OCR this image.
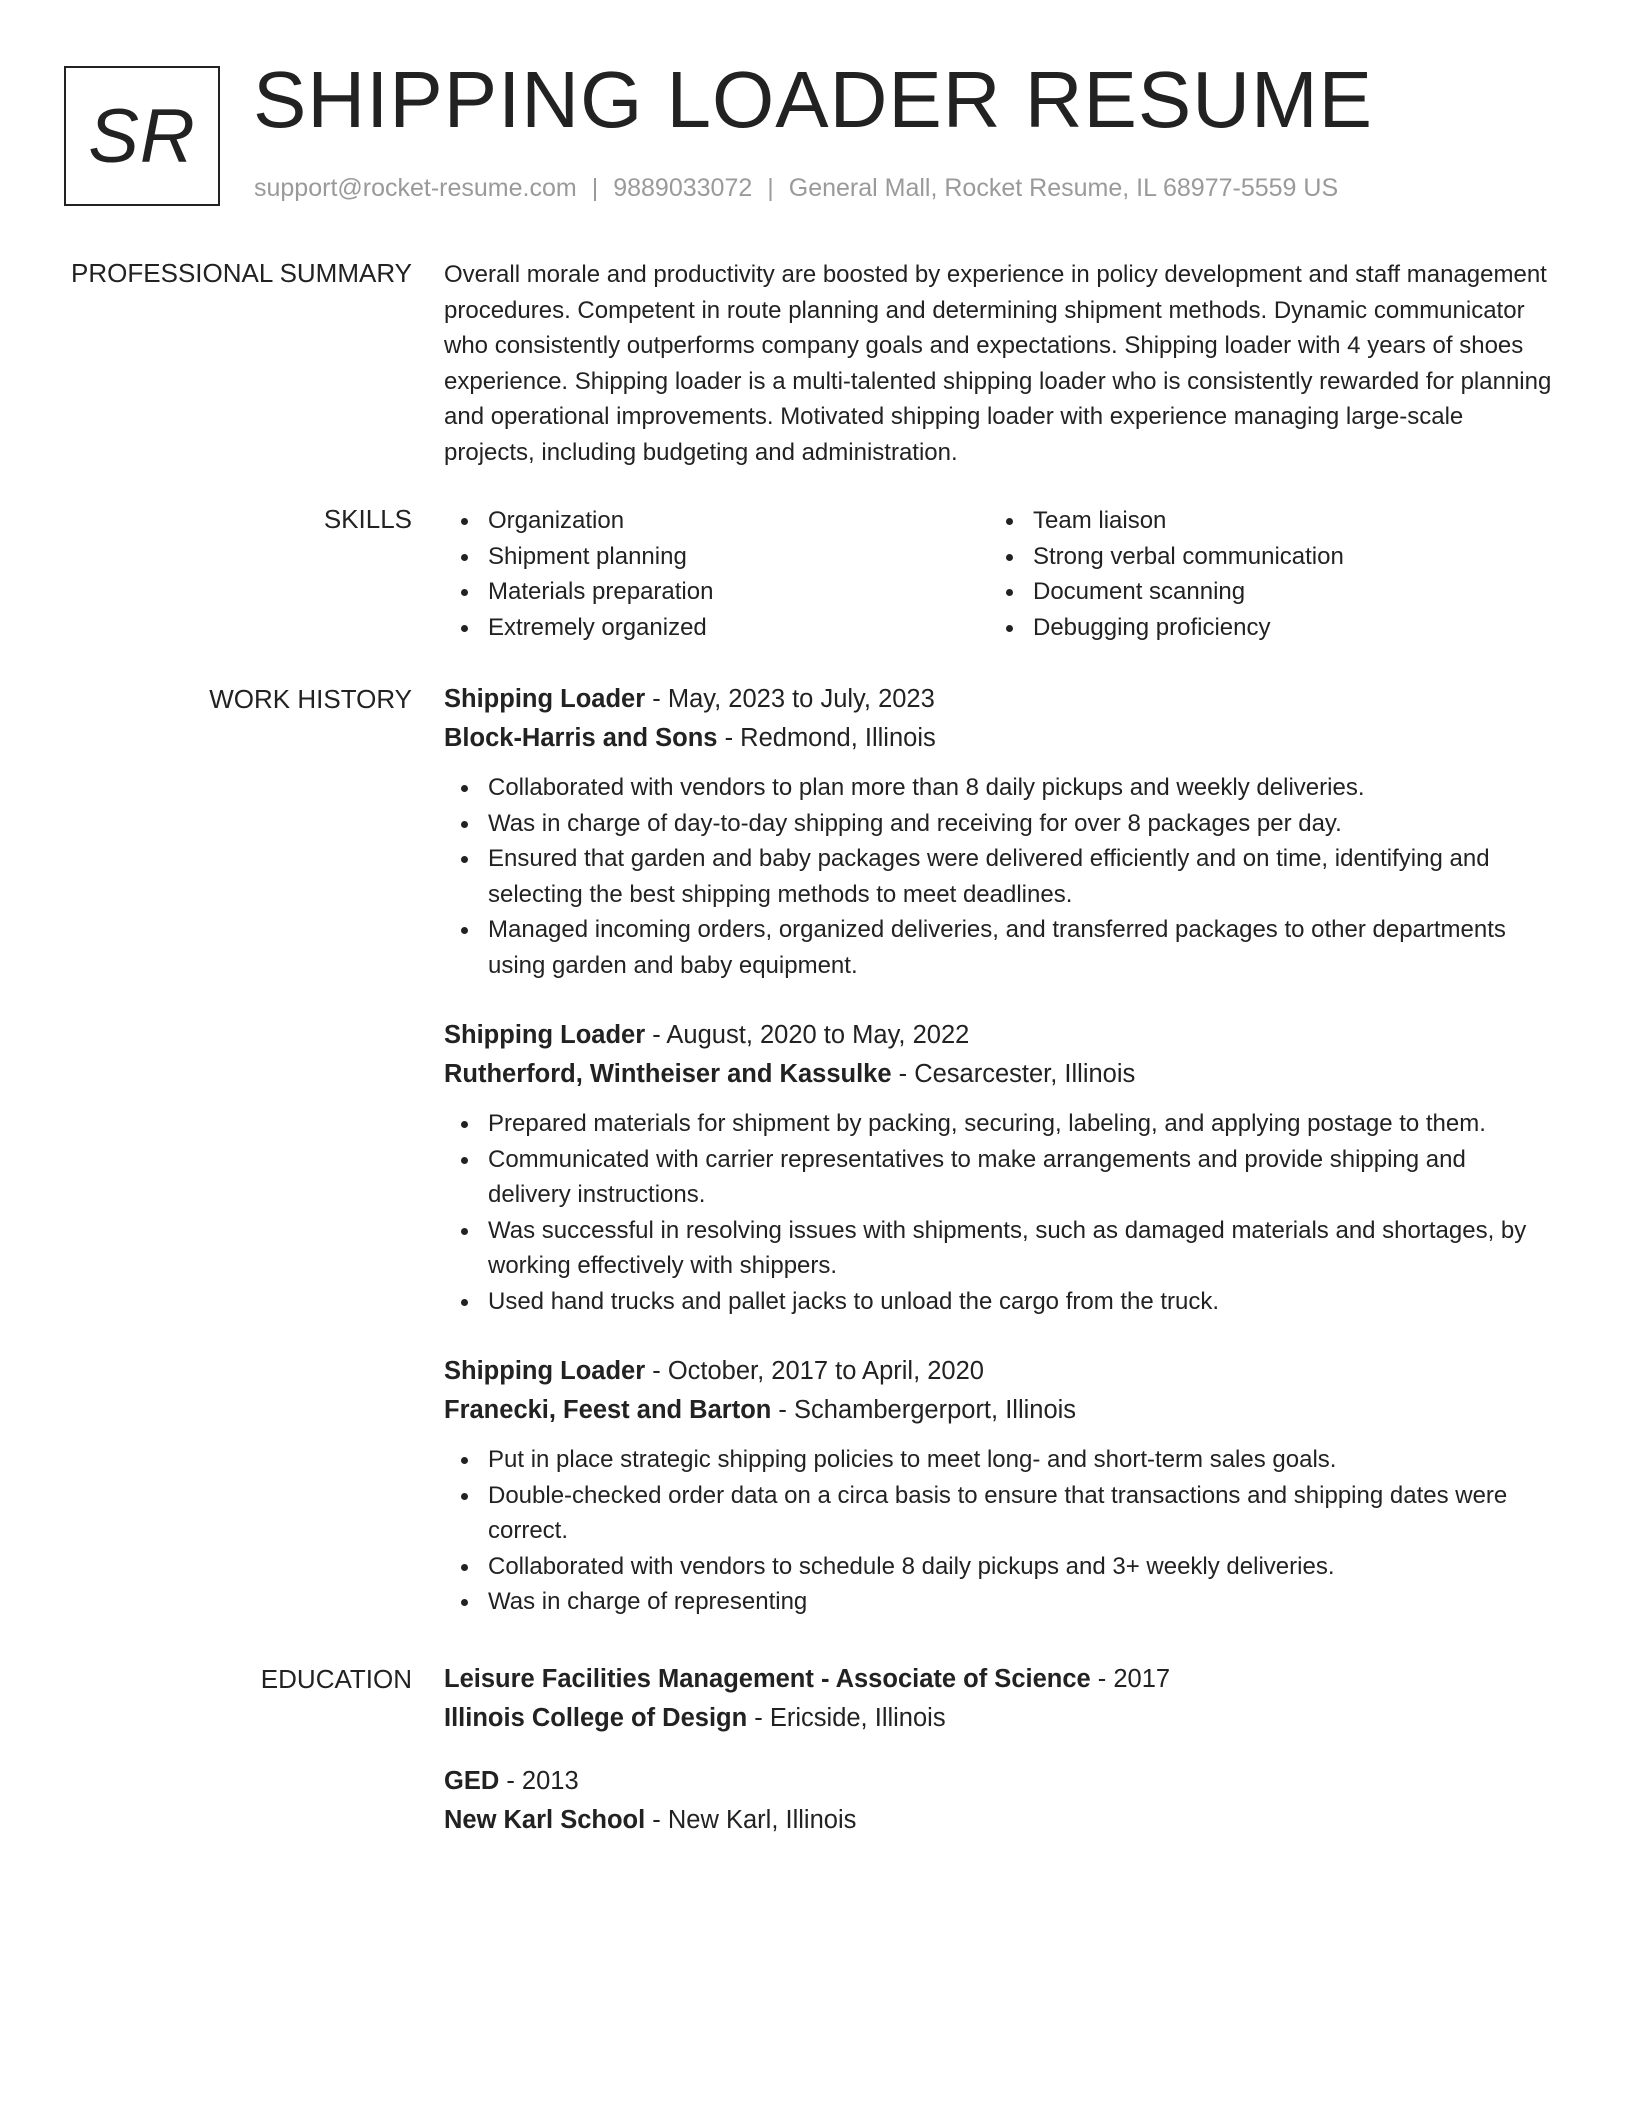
SR SHIPPING LOADER RESUME
support@rocket-resume.com | 9889033072 | General Mall, Rocket Resume, IL 68977-5559 US
PROFESSIONAL SUMMARY Overall morale and productivity are boosted by experience in policy development and staff management procedures. Competent in route planning and determining shipment methods. Dynamic communicator who consistently outperforms company goals and expectations. Shipping loader with 4 years of shoes experience. Shipping loader is a multi-talented shipping loader who is consistently rewarded for planning and operational improvements. Motivated shipping loader with experience managing large-scale projects, including budgeting and administration.

SKILLS	Organization
Shipment planning
Materials preparation
Extremely organized
Team liaison
Strong verbal communication
Document scanning
Debugging proficiency
WORK HISTORY Shipping Loader - May, 2023 to July, 2023
Block-Harris and Sons - Redmond, Illinois
Collaborated with vendors to plan more than 8 daily pickups and weekly deliveries.
Was in charge of day-to-day shipping and receiving for over 8 packages per day.
Ensured that garden and baby packages were delivered efficiently and on time, identifying and selecting the best shipping methods to meet deadlines.
Managed incoming orders, organized deliveries, and transferred packages to other departments using garden and baby equipment.
Shipping Loader - August, 2020 to May, 2022
Rutherford, Wintheiser and Kassulke - Cesarcester, Illinois
Prepared materials for shipment by packing, securing, labeling, and applying postage to them.
Communicated with carrier representatives to make arrangements and provide shipping and delivery instructions.
Was successful in resolving issues with shipments, such as damaged materials and shortages, by working effectively with shippers.
Used hand trucks and pallet jacks to unload the cargo from the truck.
Shipping Loader - October, 2017 to April, 2020
Franecki, Feest and Barton - Schambergerport, Illinois
Put in place strategic shipping policies to meet long- and short-term sales goals.
Double-checked order data on a circa basis to ensure that transactions and shipping dates were correct.
Collaborated with vendors to schedule 8 daily pickups and 3+ weekly deliveries.
Was in charge of representing
EDUCATION Leisure Facilities Management - Associate of Science - 2017
Illinois College of Design - Ericside, Illinois
GED - 2013
New Karl School - New Karl, Illinois
